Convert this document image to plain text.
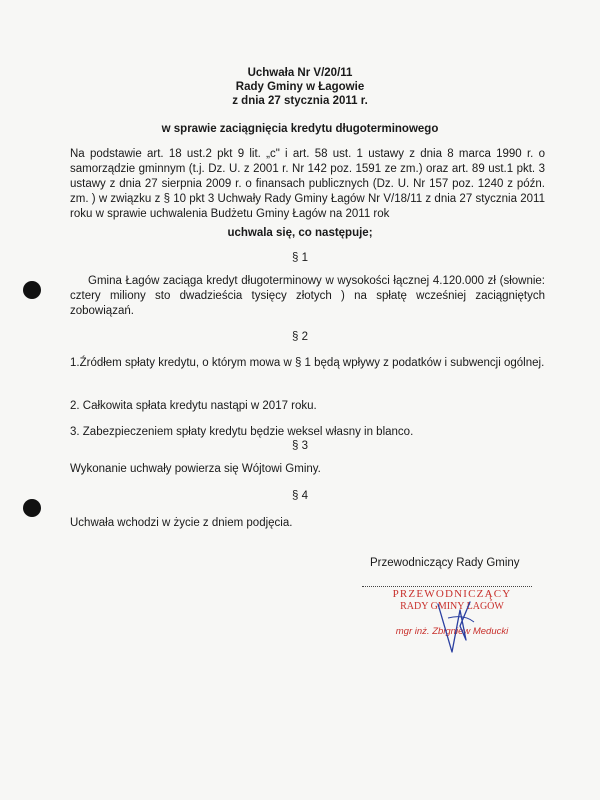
Uchwała Nr V/20/11
Rady Gminy w Łagowie
z dnia 27 stycznia 2011 r.
w sprawie zaciągnięcia kredytu długoterminowego
Na podstawie art. 18 ust.2 pkt 9 lit. „c" i art. 58 ust. 1 ustawy z dnia 8 marca 1990 r. o samorządzie gminnym (t.j. Dz. U. z 2001 r. Nr 142 poz. 1591 ze zm.) oraz art. 89 ust.1 pkt. 3 ustawy z dnia 27 sierpnia 2009 r. o finansach publicznych (Dz. U. Nr 157 poz. 1240 z późn. zm. ) w związku z § 10 pkt 3 Uchwały Rady Gminy Łagów Nr V/18/11 z dnia 27 stycznia 2011 roku w sprawie uchwalenia Budżetu Gminy Łagów na 2011 rok
uchwala się, co następuje;
§ 1
Gmina Łagów zaciąga kredyt długoterminowy w wysokości łącznej 4.120.000 zł (słownie: cztery miliony sto dwadzieścia tysięcy złotych ) na spłatę wcześniej zaciągniętych zobowiązań.
§ 2
1.Źródłem spłaty kredytu, o którym mowa w § 1 będą wpływy z podatków i subwencji ogólnej.
2. Całkowita spłata kredytu nastąpi w 2017 roku.
3. Zabezpieczeniem spłaty kredytu będzie weksel własny in blanco.
§ 3
Wykonanie uchwały powierza się Wójtowi Gminy.
§ 4
Uchwała wchodzi w życie z dniem podjęcia.
Przewodniczący Rady Gminy
PRZEWODNICZĄCY
RADY GMINY ŁAGÓW
mgr inż. Zbigniew Meducki
